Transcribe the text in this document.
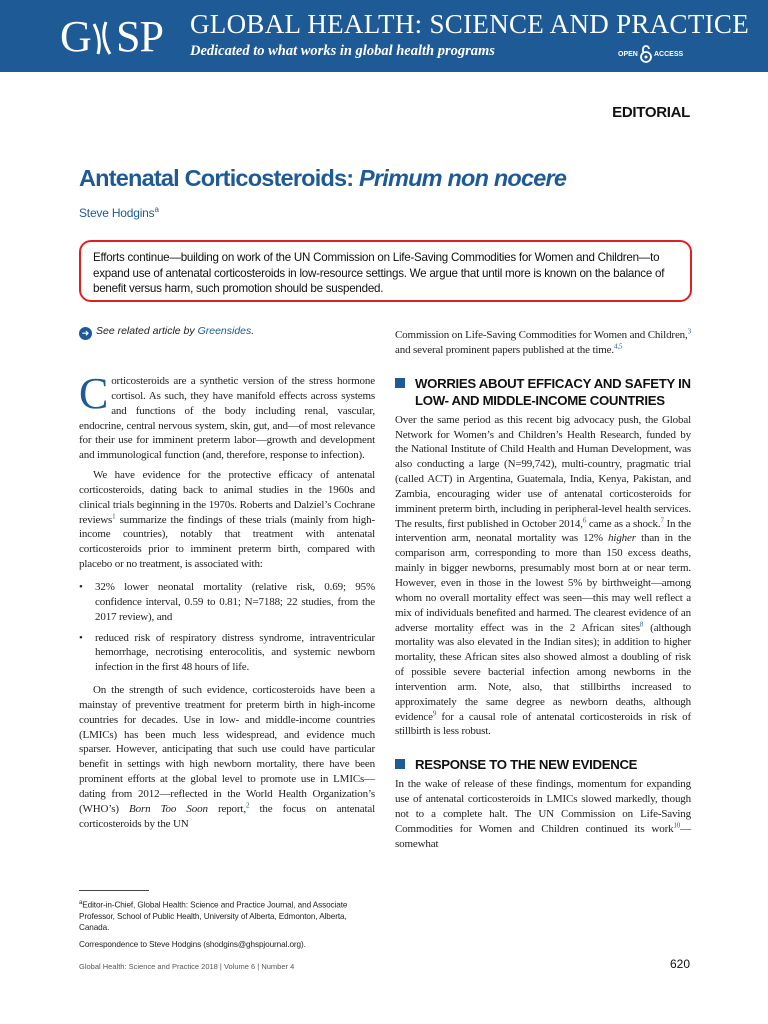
G SP GLOBAL HEALTH: SCIENCE AND PRACTICE
Dedicated to what works in global health programs	OPEN ACCESS
EDITORIAL
Antenatal Corticosteroids: Primum non nocere
Steve Hodgins$^a$
Efforts continue—building on work of the UN Commission on Life-Saving Commodities for Women and Children—to expand use of antenatal corticosteroids in low-resource settings. We argue that until more is known on the balance of benefit versus harm, such promotion should be suspended.
➜ See related article by Greensides.

Corticosteroids are a synthetic version of the stress hormone cortisol. As such, they have manifold effects across systems and functions of the body including renal, vascular, endocrine, central nervous system, skin, gut, and—of most relevance for their use for imminent preterm labor—growth and development and immunological function (and, therefore, response to infection).

We have evidence for the protective efficacy of antenatal corticosteroids, dating back to animal studies in the 1960s and clinical trials beginning in the 1970s. Roberts and Dalziel’s Cochrane reviews$^1$ summarize the findings of these trials (mainly from high-income countries), notably that treatment with antenatal corticosteroids prior to imminent preterm birth, compared with placebo or no treatment, is associated with:

• 32% lower neonatal mortality (relative risk, 0.69; 95% confidence interval, 0.59 to 0.81; N=7188; 22 studies, from the 2017 review), and
• reduced risk of respiratory distress syndrome, intraventricular hemorrhage, necrotising enterocolitis, and systemic newborn infection in the first 48 hours of life.

On the strength of such evidence, corticosteroids have been a mainstay of preventive treatment for preterm birth in high-income countries for decades. Use in low- and middle-income countries (LMICs) has been much less widespread, and evidence much sparser. However, anticipating that such use could have particular benefit in settings with high newborn mortality, there have been prominent efforts at the global level to promote use in LMICs—dating from 2012—reflected in the World Health Organization’s (WHO’s) Born Too Soon report,$^2$ the focus on antenatal corticosteroids by the UN

Commission on Life-Saving Commodities for Women and Children,$^3$ and several prominent papers published at the time.$^{4,5}$

WORRIES ABOUT EFFICACY AND SAFETY IN LOW- AND MIDDLE-INCOME COUNTRIES

Over the same period as this recent big advocacy push, the Global Network for Women’s and Children’s Health Research, funded by the National Institute of Child Health and Human Development, was also conducting a large (N=99,742), multi-country, pragmatic trial (called ACT) in Argentina, Guatemala, India, Kenya, Pakistan, and Zambia, encouraging wider use of antenatal corticosteroids for imminent preterm birth, including in peripheral-level health services. The results, first published in October 2014,$^6$ came as a shock.$^7$ In the intervention arm, neonatal mortality was 12% higher than in the comparison arm, corresponding to more than 150 excess deaths, mainly in bigger newborns, presumably most born at or near term. However, even in those in the lowest 5% by birthweight—among whom no overall mortality effect was seen—this may well reflect a mix of individuals benefited and harmed. The clearest evidence of an adverse mortality effect was in the 2 African sites$^8$ (although mortality was also elevated in the Indian sites); in addition to higher mortality, these African sites also showed almost a doubling of risk of possible severe bacterial infection among newborns in the intervention arm. Note, also, that stillbirths increased to approximately the same degree as newborn deaths, although evidence$^9$ for a causal role of antenatal corticosteroids in risk of stillbirth is less robust.

RESPONSE TO THE NEW EVIDENCE

In the wake of release of these findings, momentum for expanding use of antenatal corticosteroids in LMICs slowed markedly, though not to a complete halt. The UN Commission on Life-Saving Commodities for Women and Children continued its work$^{10}$—somewhat

$^a$Editor-in-Chief, Global Health: Science and Practice Journal, and Associate Professor, School of Public Health, University of Alberta, Edmonton, Alberta, Canada.

Correspondence to Steve Hodgins (shodgins@ghspjournal.org).

Global Health: Science and Practice 2018 | Volume 6 | Number 4	620
